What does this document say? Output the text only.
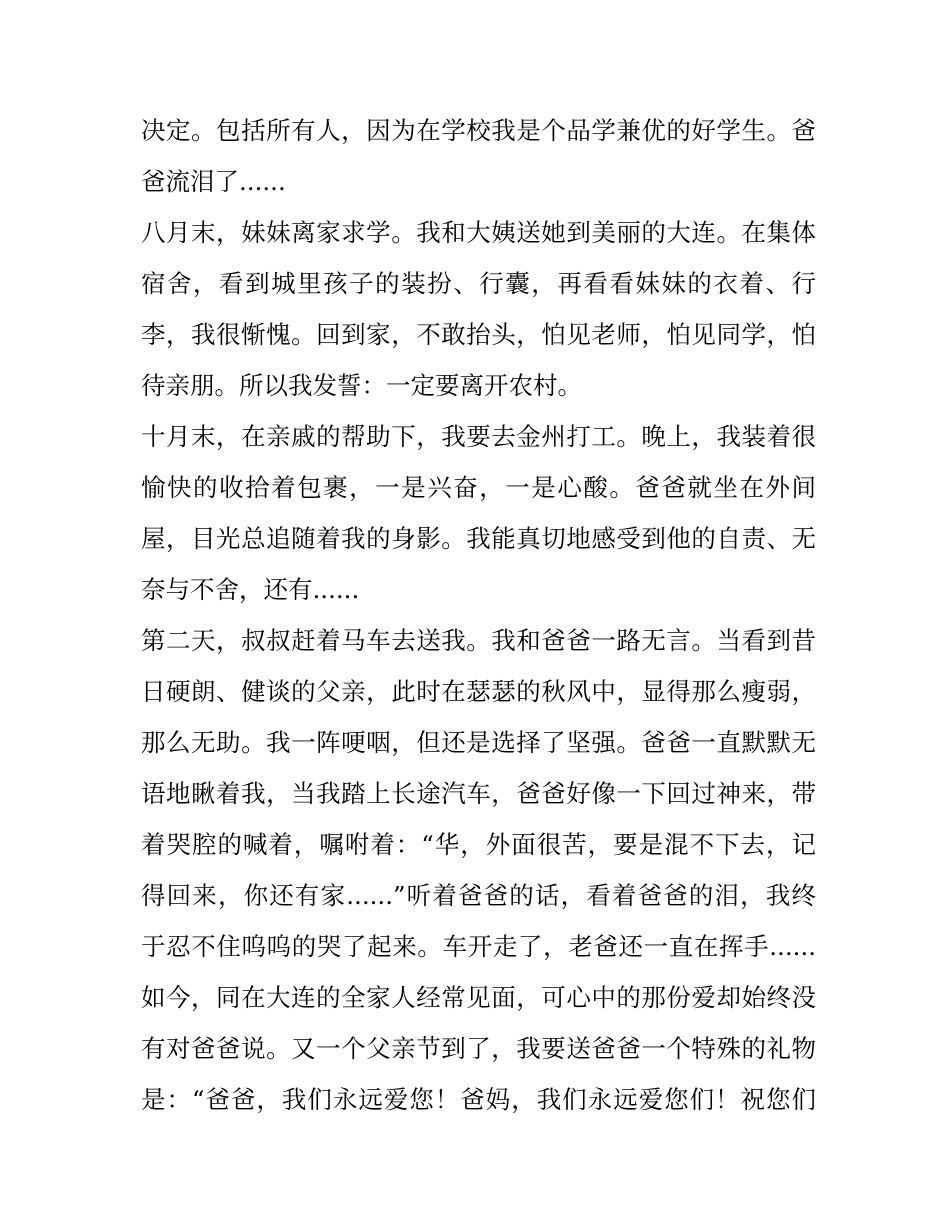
决定。包括所有人，因为在学校我是个品学兼优的好学生。爸
爸流泪了......
八月末，妹妹离家求学。我和大姨送她到美丽的大连。在集体
宿舍，看到城里孩子的装扮、行囊，再看看妹妹的衣着、行
李，我很惭愧。回到家，不敢抬头，怕见老师，怕见同学，怕
待亲朋。所以我发誓：一定要离开农村。
十月末，在亲戚的帮助下，我要去金州打工。晚上，我装着很
愉快的收拾着包裹，一是兴奋，一是心酸。爸爸就坐在外间
屋，目光总追随着我的身影。我能真切地感受到他的自责、无
奈与不舍，还有......
第二天，叔叔赶着马车去送我。我和爸爸一路无言。当看到昔
日硬朗、健谈的父亲，此时在瑟瑟的秋风中，显得那么瘦弱，
那么无助。我一阵哽咽，但还是选择了坚强。爸爸一直默默无
语地瞅着我，当我踏上长途汽车，爸爸好像一下回过神来，带
着哭腔的喊着，嘱咐着：“华，外面很苦，要是混不下去，记
得回来，你还有家......”听着爸爸的话，看着爸爸的泪，我终
于忍不住呜呜的哭了起来。车开走了，老爸还一直在挥手......
如今，同在大连的全家人经常见面，可心中的那份爱却始终没
有对爸爸说。又一个父亲节到了，我要送爸爸一个特殊的礼物
是：“爸爸，我们永远爱您！爸妈，我们永远爱您们！祝您们
